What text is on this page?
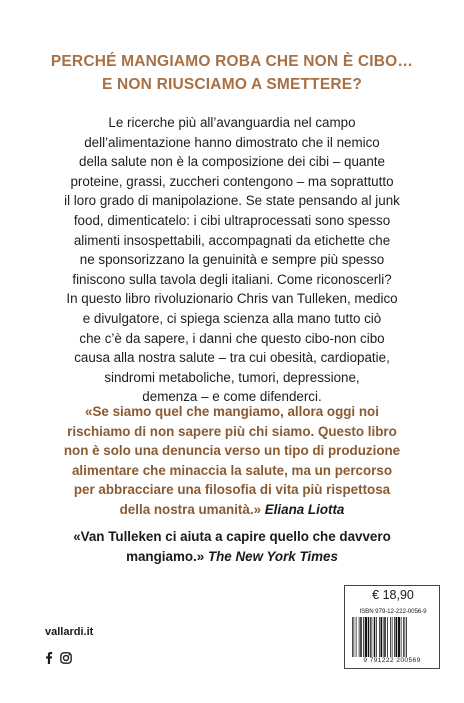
PERCHÉ MANGIAMO ROBA CHE NON È CIBO…
E NON RIUSCIAMO A SMETTERE?
Le ricerche più all’avanguardia nel campo
dell’alimentazione hanno dimostrato che il nemico
della salute non è la composizione dei cibi – quante
proteine, grassi, zuccheri contengono – ma soprattutto
il loro grado di manipolazione. Se state pensando al junk
food, dimenticatelo: i cibi ultraprocessati sono spesso
alimenti insospettabili, accompagnati da etichette che
ne sponsorizzano la genuinità e sempre più spesso
finiscono sulla tavola degli italiani. Come riconoscerli?
In questo libro rivoluzionario Chris van Tulleken, medico
e divulgatore, ci spiega scienza alla mano tutto ciò
che c’è da sapere, i danni che questo cibo-non cibo
causa alla nostra salute – tra cui obesità, cardiopatie,
sindromi metaboliche, tumori, depressione,
demenza – e come difenderci.
«Se siamo quel che mangiamo, allora oggi noi
rischiamo di non sapere più chi siamo. Questo libro
non è solo una denuncia verso un tipo di produzione
alimentare che minaccia la salute, ma un percorso
per abbracciare una filosofia di vita più rispettosa
della nostra umanità.» Eliana Liotta
«Van Tulleken ci aiuta a capire quello che davvero
mangiamo.» The New York Times
€ 18,90
ISBN 979-12-222-0056-9
9 791222 200569
vallardi.it
